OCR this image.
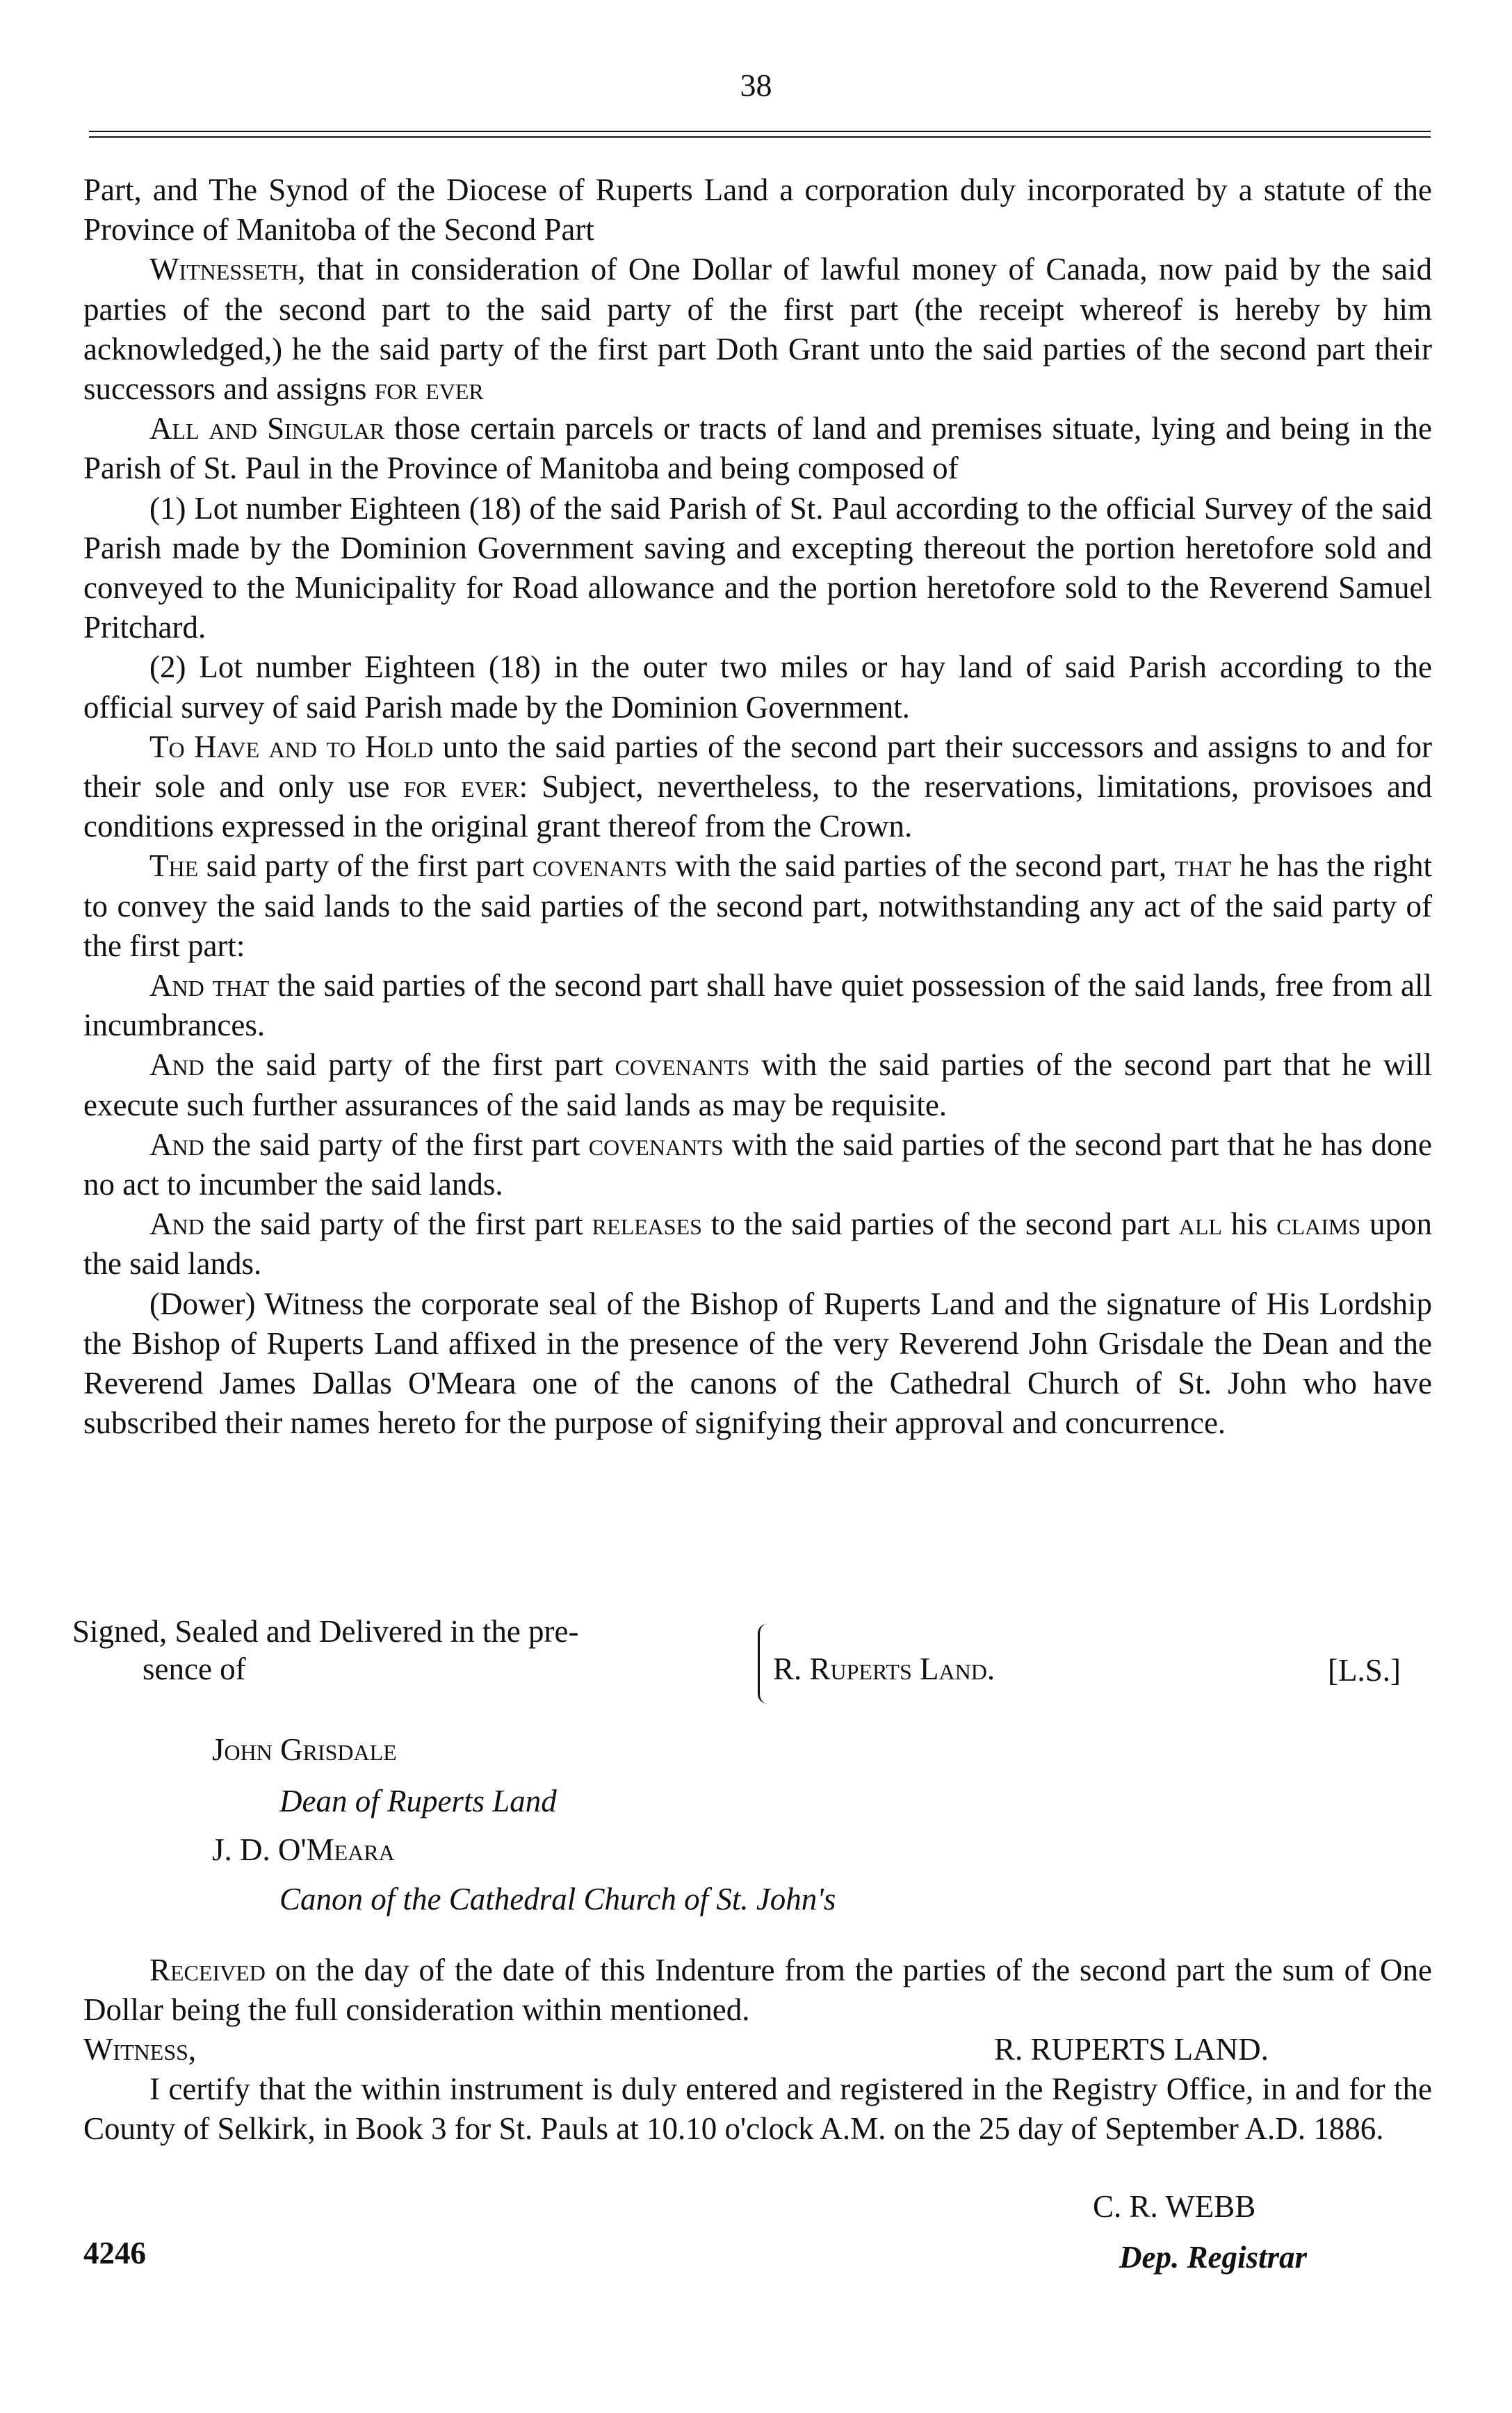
38

Part, and The Synod of the Diocese of Ruperts Land a corporation duly incorporated by a statute of the Province of Manitoba of the Second Part

Witnesseth, that in consideration of One Dollar of lawful money of Canada, now paid by the said parties of the second part to the said party of the first part (the receipt whereof is hereby by him acknowledged,) he the said party of the first part Doth Grant unto the said parties of the second part their successors and assigns for ever

All and Singular those certain parcels or tracts of land and premises situate, lying and being in the Parish of St. Paul in the Province of Manitoba and being composed of

(1) Lot number Eighteen (18) of the said Parish of St. Paul according to the official Survey of the said Parish made by the Dominion Government saving and excepting thereout the portion heretofore sold and conveyed to the Municipality for Road allowance and the portion heretofore sold to the Reverend Samuel Pritchard.

(2) Lot number Eighteen (18) in the outer two miles or hay land of said Parish according to the official survey of said Parish made by the Dominion Government.

To Have and to Hold unto the said parties of the second part their successors and assigns to and for their sole and only use for ever: Subject, nevertheless, to the reservations, limitations, provisoes and conditions expressed in the original grant thereof from the Crown.

The said party of the first part covenants with the said parties of the second part, that he has the right to convey the said lands to the said parties of the second part, notwithstanding any act of the said party of the first part:

And that the said parties of the second part shall have quiet possession of the said lands, free from all incumbrances.

And the said party of the first part covenants with the said parties of the second part that he will execute such further assurances of the said lands as may be requisite.

And the said party of the first part covenants with the said parties of the second part that he has done no act to incumber the said lands.

And the said party of the first part releases to the said parties of the second part all his claims upon the said lands.

(Dower) Witness the corporate seal of the Bishop of Ruperts Land and the signature of His Lordship the Bishop of Ruperts Land affixed in the presence of the very Reverend John Grisdale the Dean and the Reverend James Dallas O'Meara one of the canons of the Cathedral Church of St. John who have subscribed their names hereto for the purpose of signifying their approval and concurrence.

Signed, Sealed and Delivered in the pre-
sence of	R. Ruperts Land.	[L.S.]
John Grisdale
Dean of Ruperts Land
J. D. O'Meara
Canon of the Cathedral Church of St. John's

Received on the day of the date of this Indenture from the parties of the second part the sum of One Dollar being the full consideration within mentioned.

Witness,	R. RUPERTS LAND.

I certify that the within instrument is duly entered and registered in the Registry Office, in and for the County of Selkirk, in Book 3 for St. Pauls at 10.10 o'clock A.M. on the 25 day of September A.D. 1886.

C. R. WEBB
Dep. Registrar
4246
